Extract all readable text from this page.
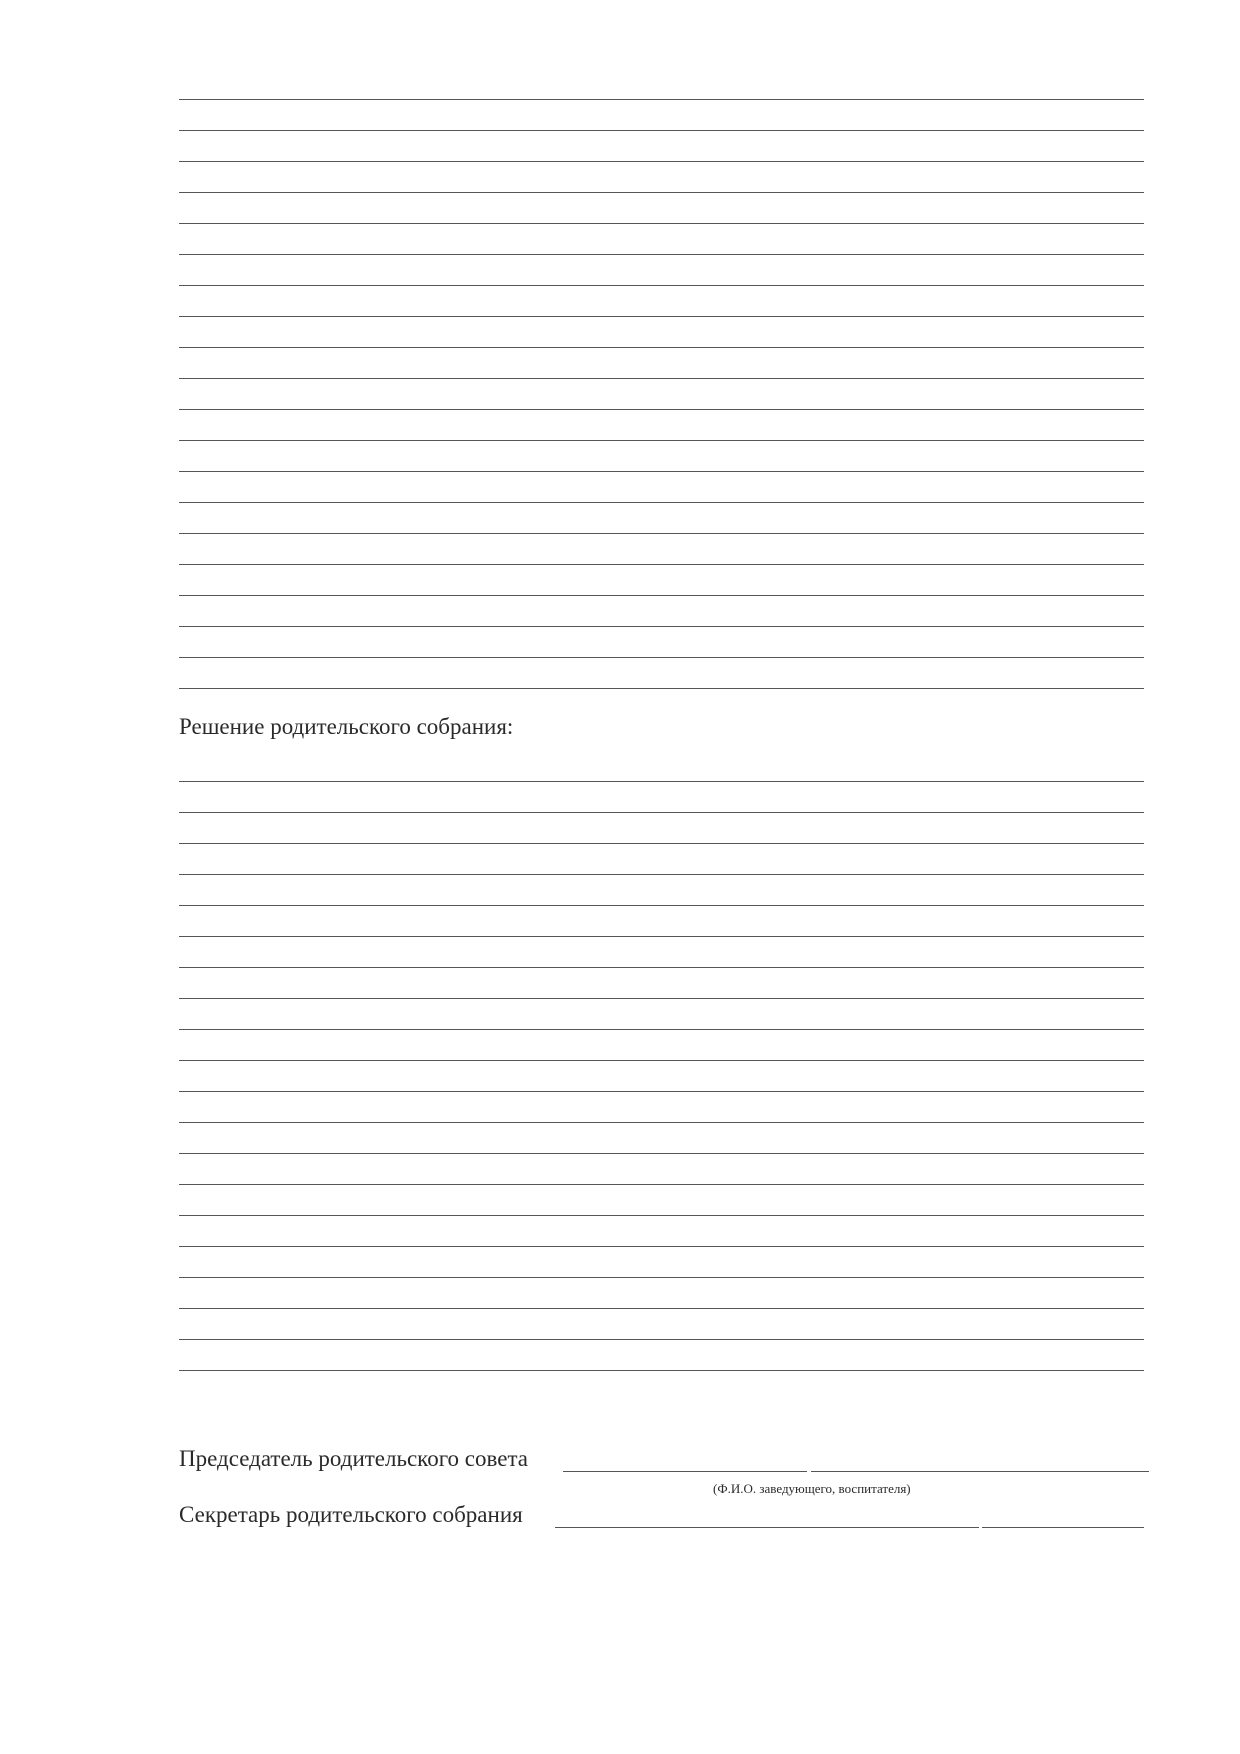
Решение родительского собрания:
Председатель родительского совета
(Ф.И.О. заведующего, воспитателя)
Секретарь родительского собрания
